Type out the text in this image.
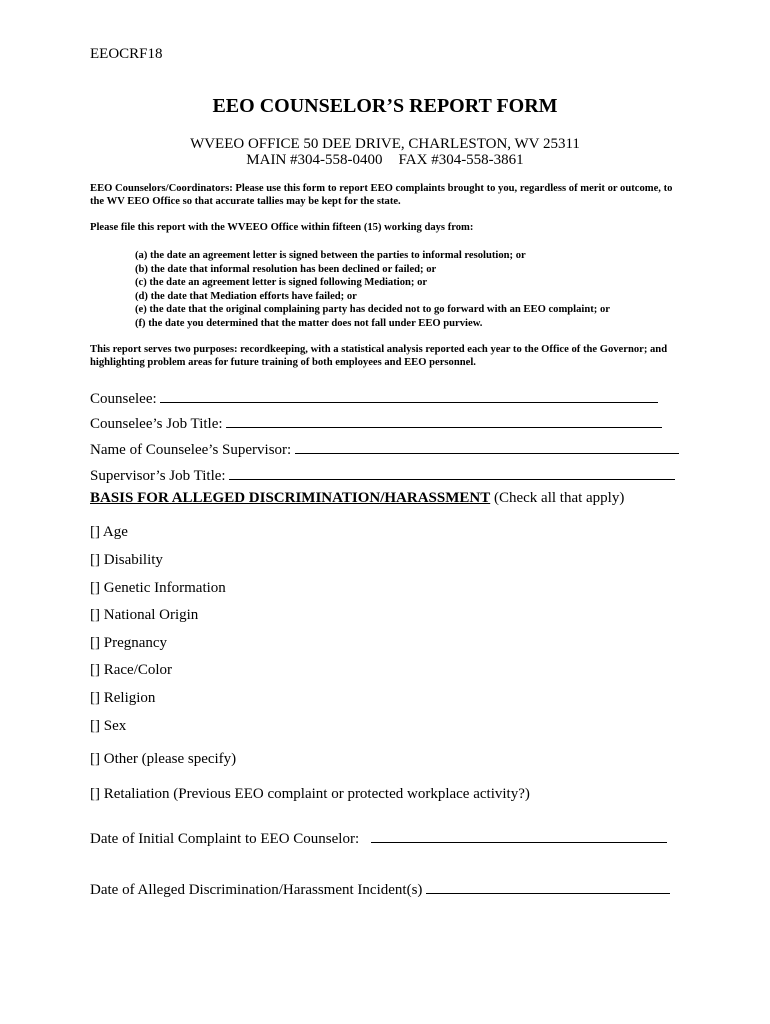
EEOCRF18
EEO COUNSELOR’S REPORT FORM
WVEEO OFFICE 50 DEE DRIVE, CHARLESTON, WV 25311
MAIN #304-558-0400 FAX #304-558-3861
EEO Counselors/Coordinators: Please use this form to report EEO complaints brought to you, regardless of merit or outcome, to the WV EEO Office so that accurate tallies may be kept for the state.
Please file this report with the WVEEO Office within fifteen (15) working days from:
(a) the date an agreement letter is signed between the parties to informal resolution; or
(b) the date that informal resolution has been declined or failed; or
(c) the date an agreement letter is signed following Mediation; or
(d) the date that Mediation efforts have failed; or
(e) the date that the original complaining party has decided not to go forward with an EEO complaint; or
(f) the date you determined that the matter does not fall under EEO purview.
This report serves two purposes: recordkeeping, with a statistical analysis reported each year to the Office of the Governor; and highlighting problem areas for future training of both employees and EEO personnel.
Counselee:
Counselee’s Job Title:
Name of Counselee’s Supervisor:
Supervisor’s Job Title:
BASIS FOR ALLEGED DISCRIMINATION/HARASSMENT (Check all that apply)
[] Age
[] Disability
[] Genetic Information
[] National Origin
[] Pregnancy
[] Race/Color
[] Religion
[] Sex
[] Other (please specify)
[] Retaliation (Previous EEO complaint or protected workplace activity?)
Date of Initial Complaint to EEO Counselor:
Date of Alleged Discrimination/Harassment Incident(s)
